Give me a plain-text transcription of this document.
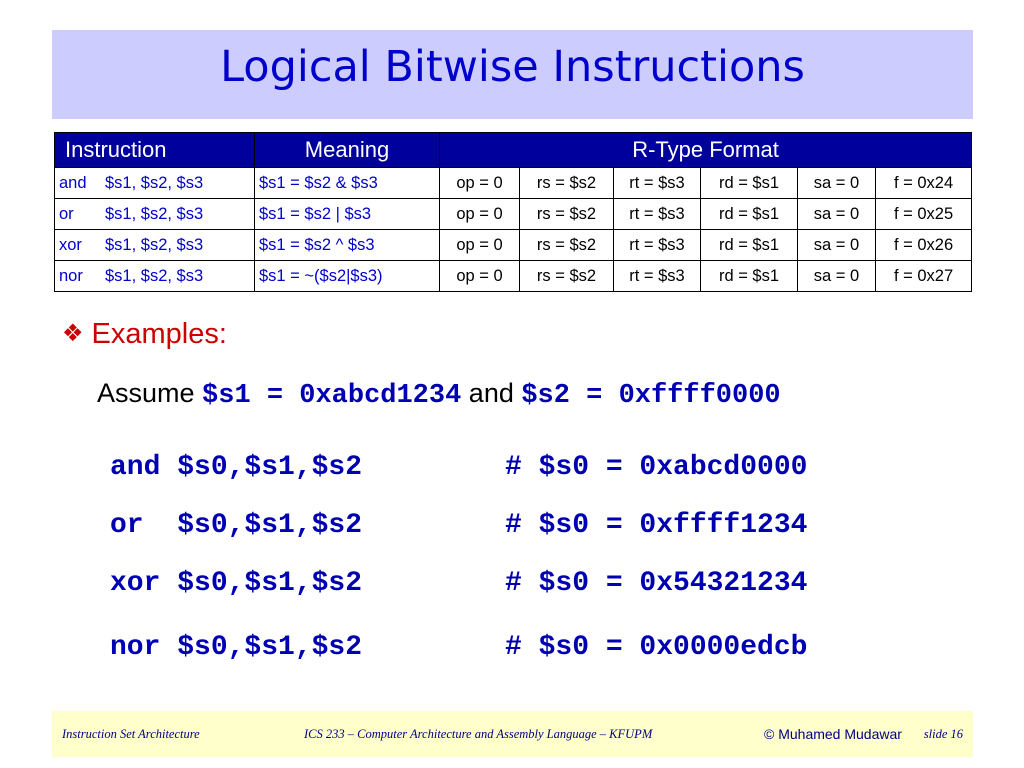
Logical Bitwise Instructions
Instruction	Meaning	R-Type Format					
and $s1, $s2, $s3	$s1 = $s2 & $s3	op = 0	rs = $s2	rt = $s3	rd = $s1	sa = 0	f = 0x24
or $s1, $s2, $s3	$s1 = $s2 | $s3	op = 0	rs = $s2	rt = $s3	rd = $s1	sa = 0	f = 0x25
xor $s1, $s2, $s3	$s1 = $s2 ^ $s3	op = 0	rs = $s2	rt = $s3	rd = $s1	sa = 0	f = 0x26
nor $s1, $s2, $s3	$s1 = ~($s2|$s3)	op = 0	rs = $s2	rt = $s3	rd = $s1	sa = 0	f = 0x27
❖ Examples:
Assume $s1 = 0xabcd1234 and $s2 = 0xffff0000
and $s0,$s1,$s2	# $s0 = 0xabcd0000
or  $s0,$s1,$s2	# $s0 = 0xffff1234
xor $s0,$s1,$s2	# $s0 = 0x54321234
nor $s0,$s1,$s2	# $s0 = 0x0000edcb
Instruction Set Architecture	ICS 233 – Computer Architecture and Assembly Language – KFUPM	© Muhamed Mudawar slide 16
